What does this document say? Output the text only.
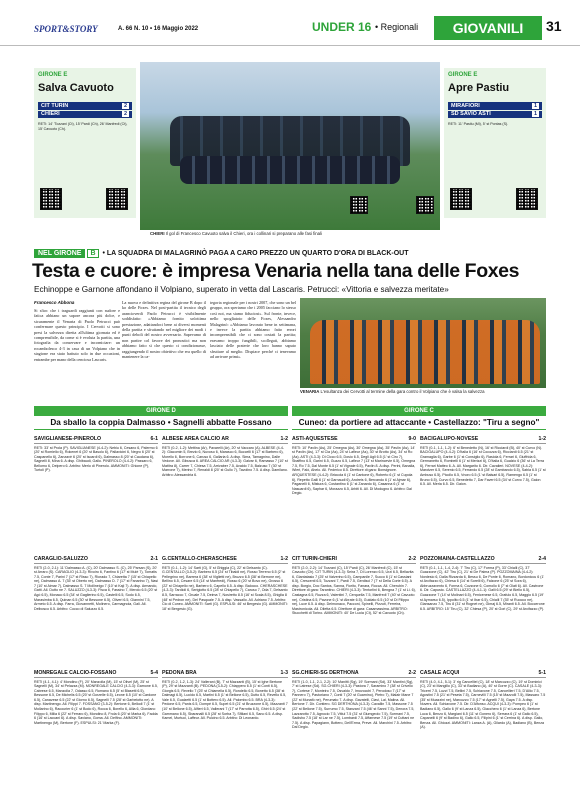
SPORT&STORY	A. 66 N. 10 • 16 Maggio 2022	UNDER 16 • Regionali	GIOVANILI	31
GIRONE E
Salva Cavuoto
CIT TURIN	2
CHIERI	2
RETI: 14' 'Tozzani (Ct), 15' Pardi (Ch), 26' Manfredi (Ct), 15' Cavuoto (Ch).
CHIERI Il gol di Francesco Cavuoto salva il Chieri, ora i collinari si preparano alle fasi finali
GIRONE E
Apre Pastiu
MIRAFIORI	1
SD SAVIO ASTI	1
RETI: 11' Pastiu (Mi), 5' st Pontas (S).
NEL GIRONE	B	• LA SQUADRA DI MALAGRINÒ PAGA A CARO PREZZO UN QUARTO D'ORA DI BLACK-OUT
Testa e cuore: è impresa Venaria nella tana delle Foxes
Echinoppe e Garnone affondano il Volpiano, superato in vetta dal Lascaris. Petrucci: «Vittoria e salvezza meritate»
Francesco Abbona
Si sfioc che i traguardi raggiunti con sudore e fatica abbiano un sapore ancora più dolce, e sicuramente il Venaria di Paolo Petrucci può confermare questo principio. I Cervotti si sono presi la salvezza diretta all'ultima giornata ed è comprensibile, da come si è evoluta la partita, una fotografia da conservare e incorniciare: un rocambolesco 4-3 in casa di un Volpiano che in stagione era stato battuto solo in due occasioni, entrambe per mano della cenciosa Lascaris.
La nuova e definitiva regina del girone B dopo il ko delle Foxes. Nel post-partita il tecnico degli arancioverdi Paolo Petrucci è visibilmente soddisfatto: «Abbiamo fornito un'ottima prestazione, adattandoci bene ai diversi momenti della partita e sfruttando nel migliore dei modi i punti deboli del nostro avversario. Sapevamo di non partire col favore dei pronostici ma non abbiamo fatto sì che questo ci condizionasse, raggiungendo il nostro obiettivo che era quello di mantenere la ca-
tegoria regionale per i nostri 2007, che sono un bel gruppo, ora speriamo che i 2005 facciano lo stesso così noi, ma siamo fiduciosi». Sul fronte, invece, nello spogliatoio delle Foxes, Alessandro Malagrinò: «Abbiamo lavorato bene in settimana, e invece la partita abbiamo fatto errori incomprensibili che ci sono costati la partita; eravamo troppo fungibili, scollegati, abbiamo lasciato delle praterie che loro hanno saputo sfruttare al meglio. Dispiace perché ci tenevamo ad arrivare primi».
VENARIA L'esultanza dei Cervotti al termine della gara contro il Volpiano che è valsa la salvezza
GIRONE D
Da sballo la coppia Dalmasso • Sagnelli abbatte Fossano
GIRONE C
Cuneo: da portiere ad attaccante • Castellazzo: "Tiru a segno"
SAVIGLIANESE-PINEROLO	6-1
RETI: 33' st Prola (P). SAVIGLIANESE (4-4-2): Nebiu 6, Cesano 6, Palermo 6 (20' st Romiello 6), Rokenet 6 (20' st Basolo 6), Pallavicini 6, Negro 6 (20' st Caspanello 6), Zanzavè 6 (20' st Isoardi 6), Dalmasso 8 (20' st Caudana 6), Sagnelli 8, Mina 6. A disp. Ghibaudi, Gallo. PINEROLO (4-4-2): Passaro 6, Bellomo 6, Delpero 6. Arbitro: Merlo di Pinerolo. AMMONITI: Ghione (P), Turtoli (P).
CARAGLIO-SALUZZO	2-1
RETI (2-0, 2-1): 11' Dalmasso A. (C), 20' Dalmasso S. (C), 25' Parsan (S), 20' st Arraro (S). CARAGLIO (4-3-3): Rivoiro 6, Fantino 6 (17' st Mulè 7), Tomatis 7.5, Conte 7, Parini 7 (17' st Risso 7), Riorado 7, Chiaretta 7 (15' st Chiapello ne), Dalmasso A. 7 (35' st Oberto ne), Dalmasso D. 7 (17' st Fanarino 7), Nasi 7 (10' st Aimar 7), Dalmasso S. 7 Mollineigo 7 (10' st Kaji 7). A disp. Armando, Gatti. All. Dutto ne 7. SALUZZO (4-3-3): Fisca 6, Fassino 7, Merolo 6.5 (20' st Agò 6.5), Monaco 6.5 (34' st Gaglierino 6.5), Castelli 6.5, Sodo 6.5, Marasimba 6.5, Quinan 6.5 (30' st Bessone 6.5), Oliveri 6.5, Giannini 7.5, Armeto 6.5. A disp. Farra, Giovannetti, Molinero, Carmagnola, Gali. All. Delbosco 6.5. Arbitro: Cocco di Saluzzo 6.5.
MONREGALE CALCIO-FOSSANO	5-4
RETI (4-1, 4-1): 4' Mondino (F), 20' Manzolla (M), 15' st Olivel (M), 25' st Sagnelli (M), 34' st Pelazza (M). MONREGALE CALCIO (4-3-3): Garnone 6.5, Cabrese 6.5, Manzolla 7, Odasso 6.5, Romano 6.5 (5' st Blasetti 6.5), Bessone 6.5, De Michelis 6.5 (20' st Gorzelle 6.5), Leone 6.5 (10' st Cardone 6.5), Canavese 6.5 (22' st Giorno 6.5), Sagnelli 7.5 (28' st Garbelotto ne). A disp. Martinengo. All. Filippi 7. FOSSANO (3-5-2): Bertone 6, Bellodi 7 (1' st Mollarino 6), Racourier 6 (1' st Bodo 6), Rocca 6, Borello 6, Allia 6, Giordano Filippo 6, Milia 6 (22' st Ferraro 6), Mondino 8, Frola 6 (20' st Marka 6), Fadda 6 (16' st Laccani 6). A disp. Saviano, Goma. All. Delfino. AMMONITI: Martinengo (M), Bertone (F). ESPULSI: 21' Marka (F).
ALBESE AREA CALCIO AR	1-2
RETI (0-2, 1-2): Mettina (Ar), Pavarelli (Ar), 20' st Vaccaro (A). ALBESE (4-4-2): Giacomin 5, Brezio 6, Nuvoso 6, Marasco 6, Buccelli 6 (17' st Barbero 6), Morello 6, Borrone 6, Caruso 6, Gallaria 6. A disp. Sima, Tamagnino, Dalle Vedove. All. Gibusca 6. AREA CALCIO AR (4-3-3): Galvar 6, Ramasso 7 (10' st Matitra 8), Carrer 7, Chiesa 7.5, Arrivaber 7.5, Avaldo 7.5, Balzuso 7 (30' st Marrone 7), Merino 7, Renaldi 8 (20' st Gullo 7), Tavolino 7.5. A disp. Damilano. Arbitro: Alessandria 6.
G.CENTALLO-CHERASCHESE	1-2
RETI (0-1, 1-2): 14' Sarti (G), 5' st Ghiggia (C), 22' st Delsanto (C). G.CENTALLO (3-5-2): Barbero 6.5 (24' st Tibaldi ne), Rosso Terreno 6.5 (2' st Pellegrino ne), Barrera 6 (38' st Viglietti ne), Bruzzo 6.5 (38' st Berrone ne), Bellino 6.5, Cesare 6.5 (14' st Manfredi), Rosso 6 (20' st Bovo ne), Grosso 6 (22' st Chiapello ne), Barbero 6, Capello 6.5. A disp. Balocco. CHERASCHESE (4-3-3): Tardioli 6, Serigiotto 6.5 (28' st Chiapello 7), Caruso 7, Oda 7, Delsanto 8.5, Sarracco 7, Gruale 7.5, Deima 7, Nosiretto 8.5 (16' st Scala 8.5), Ghiglia 8 (48' st Pedron ne), Del Pasquale 7.5. A disp. Vassallo. All. Adriano 7.5. Arbitro: Cio di Cuneo. AMMONITI: Sarti (G). ESPULSI: 46' st Bergesio (G). AMMONITI: 18' st Bergesio (G).
PEDONA BRA	1-3
RETI (0-2, 1-2, 1-3): 24' Vallerani (B), 7' st Mazzanti (B), 15' st Ighe Bertone (P), 29' st Mazzanti (B). PEDONA (3-5-2): Chiappero 6.5 (1' st Conti 6.5), Giorgis 6.5, Revello 7 (25' st Chiamella 6.5), Rondello 6.5, Bonetto 6.5 (38' st Dalmagi 6.5), Lucido 6.5, Martini 6.5 (1' st Bellone 6.5), Dutto 6.5, Revello 6.5, Vale 6.5, Gualzetti 6.5 (1' st Bottero 6.5). All. Palombo 6.5. BRA (4-3-3): Pedone 6.5, Panis 6.5, Dompé 6.5, Supet 6.5 (21' st Bruzzone 6.5), Mazzanti 7 (10' st Bellone 6.5), Alfieri 6.5, Vallerani 7 (17' st Parrotta 6.5), Ghiri 6.5 (24' st Gammano 6.5), Sbaranalli 6.5 (28' st Sorba 7), Sfiliani 6.5, Sano 6.5. A disp. Kamel, Murtuci, Laffeur. All. Pulcino 6.5. Arbitro: Di Leonardo.
ASTI-AQUESTESE	9-0
RETI: 10' Pavlin (As), 25' Omegna (As), 30' Omegna (As), 35' Pavlin (As), 14' st Pavlin (As), 17' st Cia (As), 24' st Lafleur (As), 30' st Brotto (As), 34' st Ro (As). ASTI (4-3-3): Di Cicco 6.5, Dosio 6.5, Degli Agli 6.5 (1' st Ciro 7), Sbaffino 6.5, Garini 6.5, Guzzo 6.5, Lafleur 7 (13' st Marincevie 6.5), Omegna 7.5, Ro 7.5, Dal Monte 6.5 (1' st Vignale 6.5), Pavlin 8. A disp. Perini, Banalla, Wieri, Falò, Ahelo. All. Federico 8.5. Direttore di gara: Bonsignore. ARQUESTESE (4-4-2): Briccola 6 (1' st Cantone 6), Roberto 6 (1' st Cupola 6), Repetto Galli 6 (1' st Garnaudi 6), Andreis 6, Bercando 6 (1' st Ajmar 6), Paganelli 6, Mistura 6, Costantino 6 (1' st Zanardo 6), Casanna 6 (1' st Nasuardi 6), Saphar 6, Morazzo 6.5, Arbiti 6. All. Di Modugno 6. Arbitro: Dal Degio.
CIT TURIN-CHIERI	2-2
RETI (2-0, 2-2): 14' Tozzani (C), 15' Pardi (C), 26' Manfredi (C), 15' st Cavuoto (Ch). CIT TURIN (4-3-3): Seira 7, Di Lorenzo 6.5, Urzi 6.5, Bellavita 6, Giantatasio 7 (25' st Valverino 6.5), Campanile 7, Succo 6 (1' st Cassiani 6.5), Crescenti 6.5, Tozzani 7, Pardi 7.5, Gerdisci 7 (7' st Della Corte 6.5). A disp. Borgio, Doc Santos, Sanna, Fiorito, Fanara, Rocca. All. Cherubin 7. Direttore di gara: Tarantino. CHIERI (4-3-3): Tentorlini 6, Bengna 7 (1' st Li. 6), Castagna 6.5, Ruzza 6, Valentini 7, Cerquella 7.5, Manfredi 7 (40' st Cavuoto ne), Cristina 6.5, Pavone 6 (1' st Abrate 6.5), Guidato 6.5 (10' st Di Filippo ne), Luce 6.5. A disp. Delmonaco, Pacconi, Spinelli, Pizzuti, Ferreira, Mastronicola. All. Diletta 6.5. Direttore di gara: Casamassima. ARBITRO: Stucchetti di Torino. AMMONITI: 40' De Lucia (Ct), 52' st Cavuoto (Ch).
SG.CHIERI-SG DERTHONA	2-2
RETI (1-0, 1-1, 2-1, 2-2): 10' Manitti (Sg), 19' Sormani (Sd), 33' Mantini (Sg), 7' st Latrese (Sd). SG.CHIERI (4-3-3): Pastora 7, Saramino 7 (38' st Crivello 7), Cortese 7, Monteiro 7.5, Osvaldo 7, Imovocchi 7, Perodoso 7 (17' st Pannero 7), Pastoriano 7, Conti 7 (20' st Guarnino), Pietro 7), Malair Mane 7 (22' st Munafò ne), Perumato 7. A disp. Gavatelli, Ciavi, Lai, Malina. All. Bertone 7. Dir. Contiero. SG DERTHONA (4-3-3): Cavallin 7.5, Massone 7.5 (22' st Bellone 7.5), Surrumo 7.5, Stanzani 7.5 (46' st Sanni 7.5), Denora 7.5, Lazzarotto 7.5, Agnocio 7.5, Vitiul 7.5 (31' st Giumgeolo 7.5), Sormani 7.5, Sadisho 7.5 (18' st Lar ne 7.5), Lombardi 7.5, Affarnese 7.5 (19' st Cuttani ne 7.5). A disp. Papagiann, Bottero, Dell'Erma, Preve. All. Marchini 7.5. Arbitro: Dal Degio.
BACIGALUPO-NOVESE	1-2
RETI (0-1, 1-1, 1-2): 6' st Benedetto (N), 16' st Ricciardi (B), 40' st Curvo (N). BACIGALUPO (4-4-2): D'Italia 6 (16' st Cocozza 6), Ricciardi 6.5 (21' st Gramaglia 6), Garbe 6 (1' st Consiglio 6), Rasiola 6, Ferrari 6, Giuffrida 6, Germanetto 6, Rombelli 6 (1' st Merizzi 6), D'Italia 6, Gualzio 6 (36' st La Terra 6), Ferrari Matteo 6. A. All. Margarito 6. Dir. Cavalieri. NOVESE (4-4-2): Marotzer 6.5, Serenio 6.5, Ferrando 6.5 (28' st Gambarolo 6.5), Sabla 6.5 (1' st Ambuso 6.5), Picollo 6.5, Vnoro 6.5 (1' st Balsari 6.5), Ramengo 6.5 (1' st Bruno 6.5), Curvo 6.5, Benedetto 7, Dar Faveri 6.5 (34' st Curvo 7.5), Gaion 6.5. All. Merla 6.5. Dir. Gaion.
POZZOMAINA-CASTELLAZZO	2-4
RETI (0-1, 1-1, 1-4, 2-4): 7' Tiru (C), 17' Forma (P), 33' Chialli (C), 37' Guazzone (C), 42' Tiru (C), 21' st De Palma (P). POZZOMAINA (4-4-2): Nordesio 6, Dalla Rizzarda 6, Bessu 6, De Ponte 6, Romano, Bordoniccu 6 (1' st Arcifazzo 6), Chiesa 6 (14' st Sorelli 6), Falzone 6 (25' st Sora 6), Abbruzzavento 6, Forma 6, Cozzone 6, Comollo 6 (7' st Olati 6). All. Castrone 6. Dir. Capusto. CASTELLAZZO (4-4-1-1): Galli 6.5 (29' st Biello 6.5), Guazzone 7 (14' st Molinari 6.5), Fenicenese 6.5, Grafulo 6.5, Maggio 6.5 (19' st Aymarso 6.5), Ippolito 6.5 (1' st Ibar 6.5), Chialli 7 (35' st Ruocco ne), Giansanzo 7.5, Tiru 8 (31' st Rognet ne), Gimaj 6.5, Miranti 6.5. All. Boccerone 6.5. ARBITRO: 15' Tiru (C), 32' Chiesa (P), 20' st Gori (C), 29' st Arcifazzo (P).
CASALE ACQUI	5-1
RETI (4-0, 4-1, 5-1): 3' rig Cancelliel (C), 18' st Marcuzzo (C), 19' st Dominici (C), 23' st Mangillo (C), 33' st Badiano (A), 40' st Gorre (C). CASALE (4-3-3): Tricerri 7.5, Luzzi 7.5, Bellini 7.5, Schiavone 7.5, Cancellieri 7.5, D'Allio 7.5, Agostini 7.5 (21' st Peseta 7.5), Carnevilli 7.5 (15' st Mazzolli 7.5), Massaro 7.5 (35' st Muazzini ne), Marcuzzo 7.5 (17' st Agnelli 7.5), Gaya 7.5. A disp. Nuvers. All. Schiavone 7.5. Dir. D'Alfonso. ACQUI (4-3-3): Pompeo 6 (1' st Badiano 6.5), Gallo 6 (9' st Lanza 6.5), Giacchero 6 (1' st Lanza 6), Bertone Luca 6, Benzo 6, Margiani 6.5 (11' st Gonero 6), Serrara 6 (1' st Gallo 6.5), Capanelli 6 (9' st Badino 6), Gallo 6.5, Filipini 6 (1' st Cerrina 6). A disp. Galio, Benza. All. Ghiozzi. AMMONITI: Lanza A. (A), Gilardo (A), Badiano (B), Benza (A).
